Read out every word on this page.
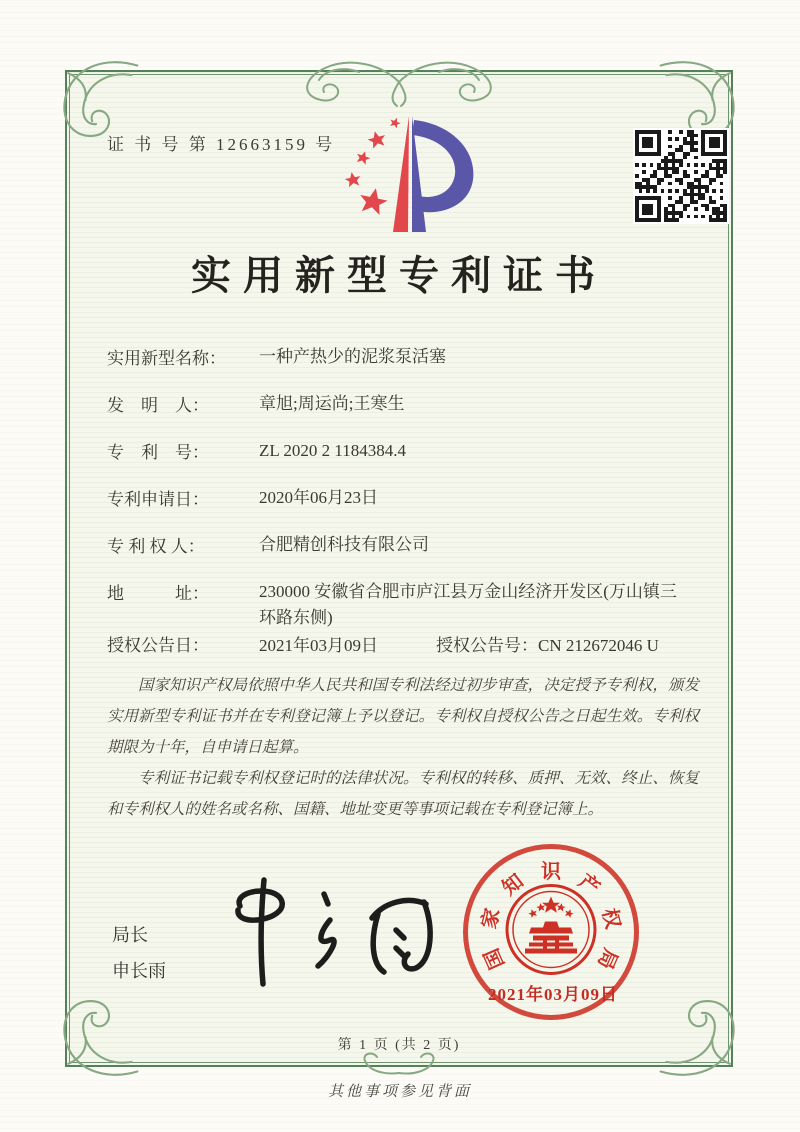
证 书 号 第 12663159 号
实用新型专利证书
实用新型名称：	一种产热少的泥浆泵活塞
发　明　人：	章旭;周运尚;王寒生
专　利　号：	ZL 2020 2 1184384.4
专利申请日：	2020年06月23日
专 利 权 人：	合肥精创科技有限公司
地　　　址：	230000 安徽省合肥市庐江县万金山经济开发区(万山镇三环路东侧)
授权公告日：	2021年03月09日	授权公告号：CN 212672046 U

国家知识产权局依照中华人民共和国专利法经过初步审查，决定授予专利权，颁发实用新型专利证书并在专利登记簿上予以登记。专利权自授权公告之日起生效。专利权期限为十年，自申请日起算。

专利证书记载专利权登记时的法律状况。专利权的转移、质押、无效、终止、恢复和专利权人的姓名或名称、国籍、地址变更等事项记载在专利登记簿上。

局长
申长雨	国
家
知 识 产
权
局
2021年03月09日
第 1 页 (共 2 页)
其他事项参见背面
